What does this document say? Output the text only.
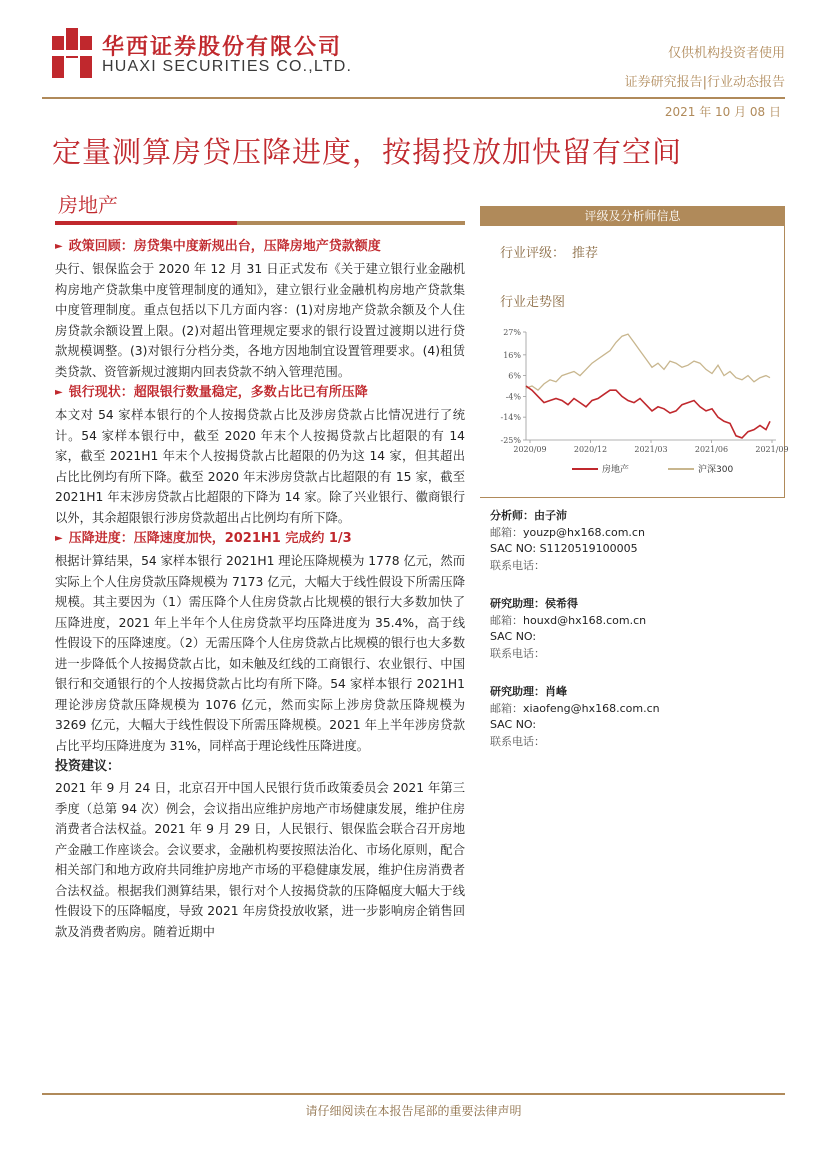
华西证券股份有限公司
HUAXI SECURITIES CO.,LTD.
仅供机构投资者使用
证券研究报告|行业动态报告
2021 年 10 月 08 日
定量测算房贷压降进度，按揭投放加快留有空间
房地产
► 政策回顾：房贷集中度新规出台，压降房地产贷款额度

央行、银保监会于 2020 年 12 月 31 日正式发布《关于建立银行业金融机构房地产贷款集中度管理制度的通知》，建立银行业金融机构房地产贷款集中度管理制度。重点包括以下几方面内容：(1)对房地产贷款余额及个人住房贷款余额设置上限。(2)对超出管理规定要求的银行设置过渡期以进行贷款规模调整。(3)对银行分档分类，各地方因地制宜设置管理要求。(4)租赁类贷款、资管新规过渡期内回表贷款不纳入管理范围。

► 银行现状：超限银行数量稳定，多数占比已有所压降

本文对 54 家样本银行的个人按揭贷款占比及涉房贷款占比情况进行了统计。54 家样本银行中，截至 2020 年末个人按揭贷款占比超限的有 14 家，截至 2021H1 年末个人按揭贷款占比超限的仍为这 14 家，但其超出占比比例均有所下降。截至 2020 年末涉房贷款占比超限的有 15 家，截至 2021H1 年末涉房贷款占比超限的下降为 14 家。除了兴业银行、徽商银行以外，其余超限银行涉房贷款超出占比例均有所下降。

► 压降进度：压降速度加快，2021H1 完成约 1/3

根据计算结果，54 家样本银行 2021H1 理论压降规模为 1778 亿元，然而实际上个人住房贷款压降规模为 7173 亿元，大幅大于线性假设下所需压降规模。其主要因为（1）需压降个人住房贷款占比规模的银行大多数加快了压降进度，2021 年上半年个人住房贷款平均压降进度为 35.4%，高于线性假设下的压降速度。（2）无需压降个人住房贷款占比规模的银行也大多数进一步降低个人按揭贷款占比，如未触及红线的工商银行、农业银行、中国银行和交通银行的个人按揭贷款占比均有所下降。54 家样本银行 2021H1 理论涉房贷款压降规模为 1076 亿元，然而实际上涉房贷款压降规模为 3269 亿元，大幅大于线性假设下所需压降规模。2021 年上半年涉房贷款占比平均压降进度为 31%，同样高于理论线性压降进度。

投资建议：

2021 年 9 月 24 日，北京召开中国人民银行货币政策委员会 2021 年第三季度（总第 94 次）例会，会议指出应维护房地产市场健康发展，维护住房消费者合法权益。2021 年 9 月 29 日，人民银行、银保监会联合召开房地产金融工作座谈会。会议要求，金融机构要按照法治化、市场化原则，配合相关部门和地方政府共同维护房地产市场的平稳健康发展，维护住房消费者合法权益。根据我们测算结果，银行对个人按揭贷款的压降幅度大幅大于线性假设下的压降幅度，导致 2021 年房贷投放收紧，进一步影响房企销售回款及消费者购房。随着近期中

评级及分析师信息
行业评级： 推荐
行业走势图
27%
16%
6%
-4%
-14%
-25%
2020/09	2020/12	2021/03	2021/06	2021/09
房地产	沪深300
分析师：由子沛
邮箱：youzp@hx168.com.cn
SAC NO: S1120519100005
联系电话：
研究助理：侯希得
邮箱：houxd@hx168.com.cn
SAC NO:
联系电话：
研究助理：肖峰
邮箱：xiaofeng@hx168.com.cn
SAC NO:
联系电话：
请仔细阅读在本报告尾部的重要法律声明
